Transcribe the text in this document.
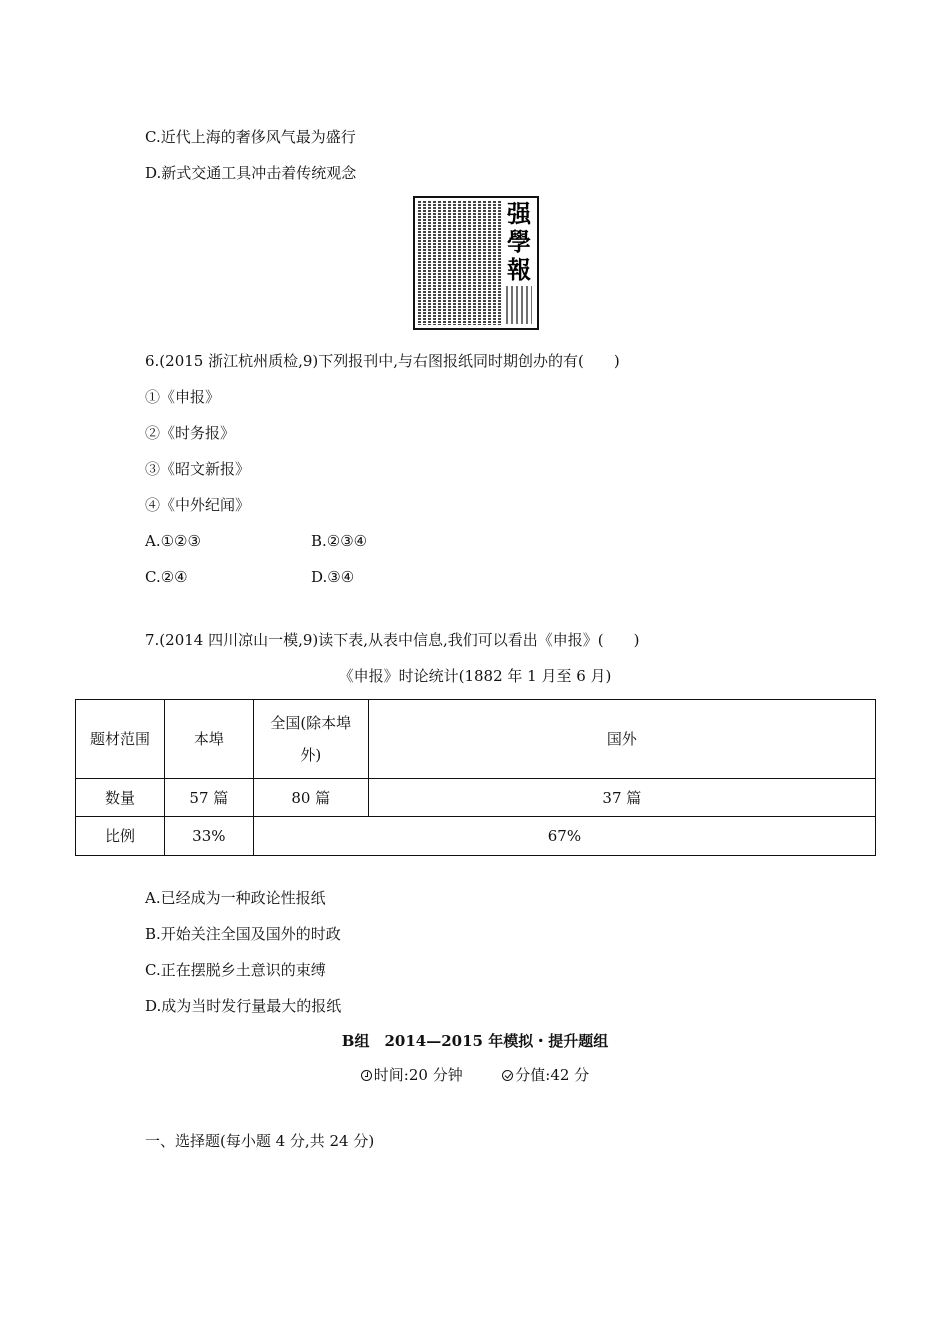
C.近代上海的奢侈风气最为盛行
D.新式交通工具冲击着传统观念
强
學
報
6.(2015 浙江杭州质检,9)下列报刊中,与右图报纸同时期创办的有(　　)
①《申报》
②《时务报》
③《昭文新报》
④《中外纪闻》
A.①②③	B.②③④
C.②④	D.③④
7.(2014 四川凉山一模,9)读下表,从表中信息,我们可以看出《申报》(　　)
《申报》时论统计(1882 年 1 月至 6 月)
题材范围	本埠	全国(除本埠
外)	国外
数量	57 篇	80 篇	37 篇
比例	33%	67%	
A.已经成为一种政论性报纸
B.开始关注全国及国外的时政
C.正在摆脱乡土意识的束缚
D.成为当时发行量最大的报纸
B组　2014—2015 年模拟・提升题组
时间:20 分钟	分值:42 分
一、选择题(每小题 4 分,共 24 分)
